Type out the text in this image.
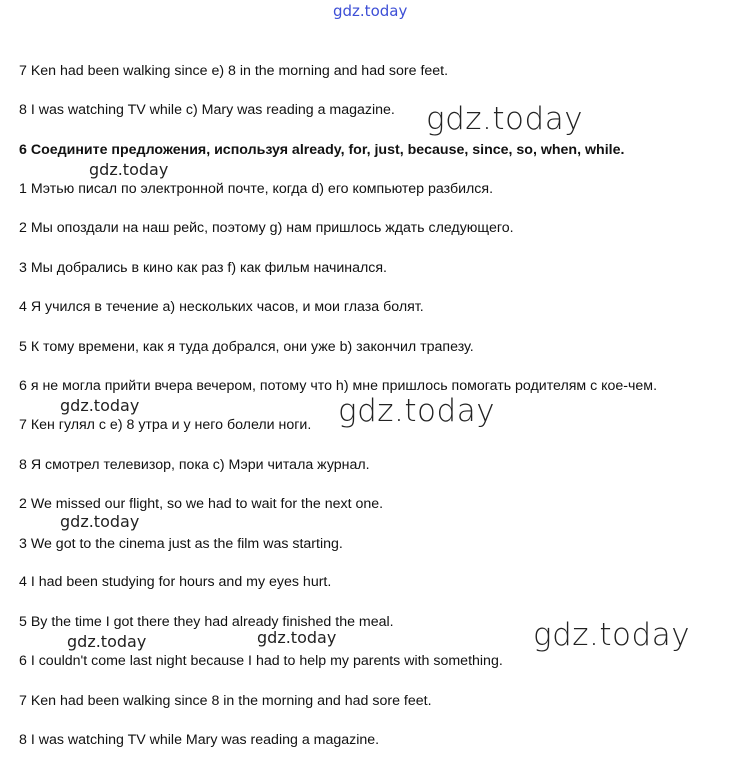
gdz.today
gdz.today
gdz.today
gdz.today	gdz.today
gdz.today
gdz.today
gdz.today	gdz.today
7 Ken had been walking since e) 8 in the morning and had sore feet.
8 I was watching TV while c) Mary was reading a magazine.
6 Соедините предложения, используя already, for, just, because, since, so, when, while.
1 Мэтью писал по электронной почте, когда d) его компьютер разбился.
2 Мы опоздали на наш рейс, поэтому g) нам пришлось ждать следующего.
3 Мы добрались в кино как раз f) как фильм начинался.
4 Я учился в течение a) нескольких часов, и мои глаза болят.
5 К тому времени, как я туда добрался, они уже b) закончил трапезу.
6 я не могла прийти вчера вечером, потому что h) мне пришлось помогать родителям с кое-чем.
7 Кен гулял с e) 8 утра и у него болели ноги.
8 Я смотрел телевизор, пока c) Мэри читала журнал.
2 We missed our flight, so we had to wait for the next one.
3 We got to the cinema just as the film was starting.
4 I had been studying for hours and my eyes hurt.
5 By the time I got there they had already finished the meal.
6 I couldn't come last night because I had to help my parents with something.
7 Ken had been walking since 8 in the morning and had sore feet.
8 I was watching TV while Mary was reading a magazine.
